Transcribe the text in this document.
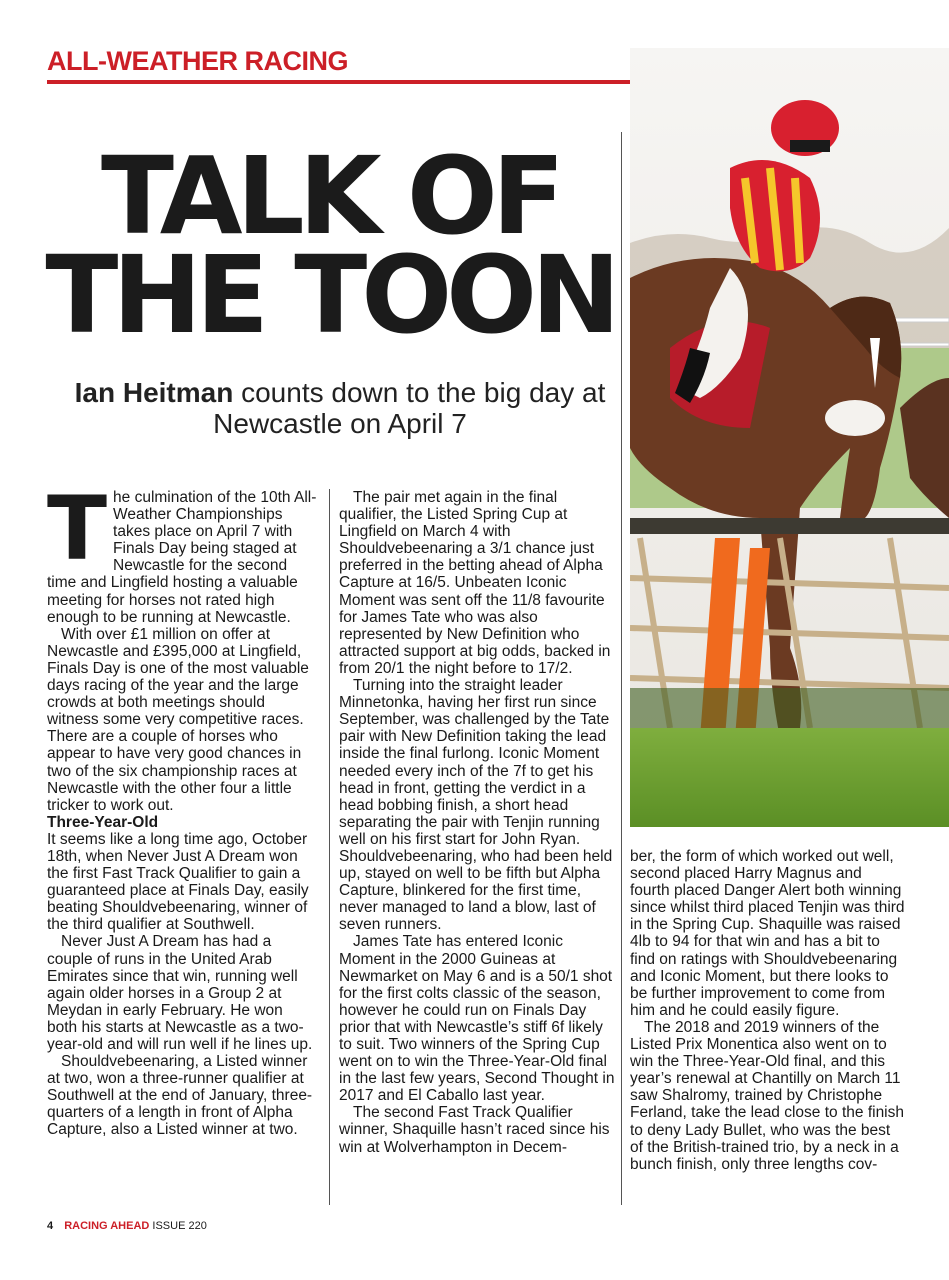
ALL-WEATHER RACING
TALK OF
THE TOON

Ian Heitman counts down to the big day at Newcastle on April 7

The culmination of the 10th All-Weather Championships takes place on April 7 with Finals Day being staged at Newcastle for the second time and Lingfield hosting a valuable meeting for horses not rated high enough to be running at Newcastle.

With over £1 million on offer at Newcastle and £395,000 at Lingfield, Finals Day is one of the most valuable days racing of the year and the large crowds at both meetings should witness some very competitive races. There are a couple of horses who appear to have very good chances in two of the six championship races at Newcastle with the other four a little tricker to work out.

Three-Year-Old

It seems like a long time ago, October 18th, when Never Just A Dream won the first Fast Track Qualifier to gain a guaranteed place at Finals Day, easily beating Shouldvebeenaring, winner of the third qualifier at Southwell.

Never Just A Dream has had a couple of runs in the United Arab Emirates since that win, running well again older horses in a Group 2 at Meydan in early February. He won both his starts at Newcastle as a two-year-old and will run well if he lines up.

Shouldvebeenaring, a Listed winner at two, won a three-runner qualifier at Southwell at the end of January, three-quarters of a length in front of Alpha Capture, also a Listed winner at two.

The pair met again in the final qualifier, the Listed Spring Cup at Lingfield on March 4 with Shouldvebeenaring a 3/1 chance just preferred in the betting ahead of Alpha Capture at 16/5. Unbeaten Iconic Moment was sent off the 11/8 favourite for James Tate who was also represented by New Definition who attracted support at big odds, backed in from 20/1 the night before to 17/2.

Turning into the straight leader Minnetonka, having her first run since September, was challenged by the Tate pair with New Definition taking the lead inside the final furlong. Iconic Moment needed every inch of the 7f to get his head in front, getting the verdict in a head bobbing finish, a short head separating the pair with Tenjin running well on his first start for John Ryan. Shouldvebeenaring, who had been held up, stayed on well to be fifth but Alpha Capture, blinkered for the first time, never managed to land a blow, last of seven runners.

James Tate has entered Iconic Moment in the 2000 Guineas at Newmarket on May 6 and is a 50/1 shot for the first colts classic of the season, however he could run on Finals Day prior that with Newcastle’s stiff 6f likely to suit. Two winners of the Spring Cup went on to win the Three-Year-Old final in the last few years, Second Thought in 2017 and El Caballo last year.

The second Fast Track Qualifier winner, Shaquille hasn’t raced since his win at Wolverhampton in Decem-

ber, the form of which worked out well, second placed Harry Magnus and fourth placed Danger Alert both winning since whilst third placed Tenjin was third in the Spring Cup. Shaquille was raised 4lb to 94 for that win and has a bit to find on ratings with Shouldvebeenaring and Iconic Moment, but there looks to be further improvement to come from him and he could easily figure.

The 2018 and 2019 winners of the Listed Prix Monentica also went on to win the Three-Year-Old final, and this year’s renewal at Chantilly on March 11 saw Shalromy, trained by Christophe Ferland, take the lead close to the finish to deny Lady Bullet, who was the best of the British-trained trio, by a neck in a bunch finish, only three lengths cov-

4 RACING AHEAD ISSUE 220
